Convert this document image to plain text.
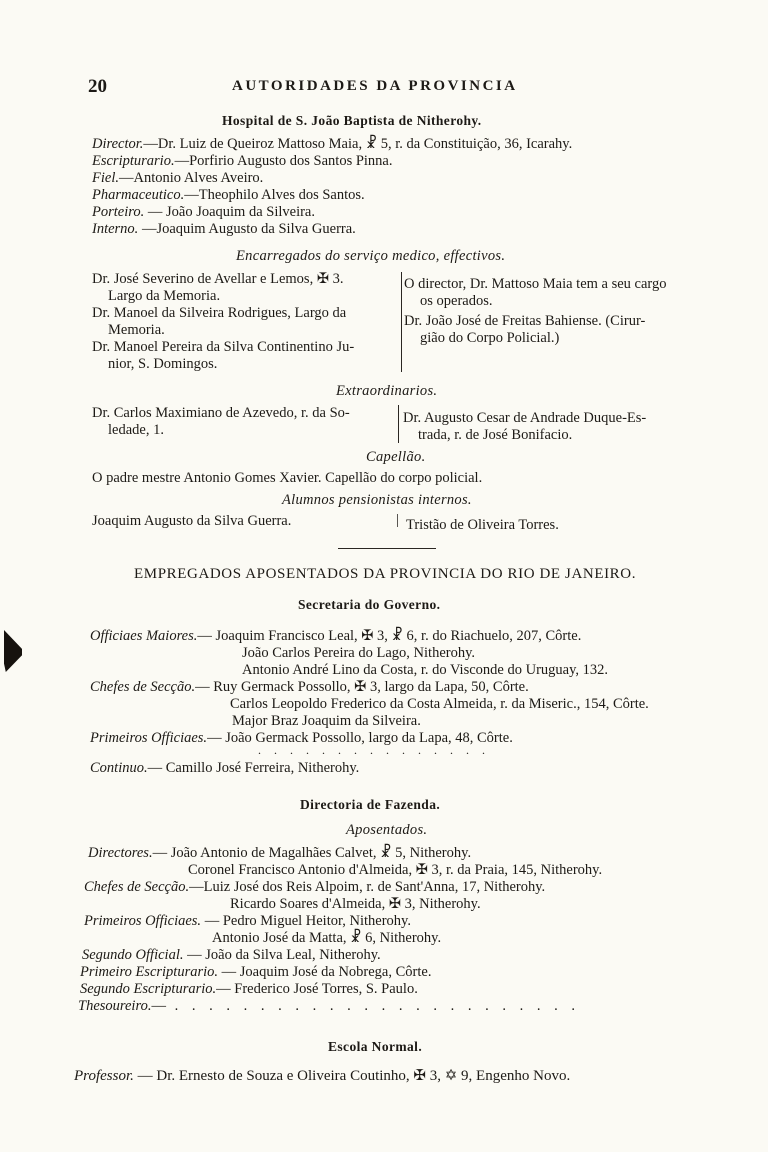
20	AUTORIDADES DA PROVINCIA
Hospital de S. João Baptista de Nitherohy.
Director.—Dr. Luiz de Queiroz Mattoso Maia, ☧ 5, r. da Constituição, 36, Icarahy.
Escripturario.—Porfirio Augusto dos Santos Pinna.
Fiel.—Antonio Alves Aveiro.
Pharmaceutico.—Theophilo Alves dos Santos.
Porteiro. — João Joaquim da Silveira.
Interno. —Joaquim Augusto da Silva Guerra.
Encarregados do serviço medico, effectivos.
Dr. José Severino de Avellar e Lemos, ✠ 3.
Largo da Memoria.
Dr. Manoel da Silveira Rodrigues, Largo da
Memoria.
Dr. Manoel Pereira da Silva Continentino Ju-
nior, S. Domingos.
O director, Dr. Mattoso Maia tem a seu cargo
os operados.
Dr. João José de Freitas Bahiense. (Cirur-
gião do Corpo Policial.)
Extraordinarios.
Dr. Carlos Maximiano de Azevedo, r. da So-
ledade, 1.
Dr. Augusto Cesar de Andrade Duque-Es-
trada, r. de José Bonifacio.
Capellão.
O padre mestre Antonio Gomes Xavier. Capellão do corpo policial.
Alumnos pensionistas internos.
Joaquim Augusto da Silva Guerra.	| Tristão de Oliveira Torres.
EMPREGADOS APOSENTADOS DA PROVINCIA DO RIO DE JANEIRO.
Secretaria do Governo.
Officiaes Maiores.— Joaquim Francisco Leal, ✠ 3, ☧ 6, r. do Riachuelo, 207, Côrte.
João Carlos Pereira do Lago, Nitherohy.
Antonio André Lino da Costa, r. do Visconde do Uruguay, 132.
Chefes de Secção.— Ruy Germack Possollo, ✠ 3, largo da Lapa, 50, Côrte.
Carlos Leopoldo Frederico da Costa Almeida, r. da Miseric., 154, Côrte.
Major Braz Joaquim da Silveira.
Primeiros Officiaes.— João Germack Possollo, largo da Lapa, 48, Côrte.
. . . . . . . . . . . . . . .
Continuo.— Camillo José Ferreira, Nitherohy.
Directoria de Fazenda.
Aposentados.
Directores.— João Antonio de Magalhães Calvet, ☧ 5, Nitherohy.
Coronel Francisco Antonio d'Almeida, ✠ 3, r. da Praia, 145, Nitherohy.
Chefes de Secção.—Luiz José dos Reis Alpoim, r. de Sant'Anna, 17, Nitherohy.
Ricardo Soares d'Almeida, ✠ 3, Nitherohy.
Primeiros Officiaes. — Pedro Miguel Heitor, Nitherohy.
Antonio José da Matta, ☧ 6, Nitherohy.
Segundo Official. — João da Silva Leal, Nitherohy.
Primeiro Escripturario. — Joaquim José da Nobrega, Côrte.
Segundo Escripturario.— Frederico José Torres, S. Paulo.
Thesoureiro.— . . . . . . . . . . . . . . . . . . . . . . . .
Escola Normal.
Professor. — Dr. Ernesto de Souza e Oliveira Coutinho, ✠ 3, ✡ 9, Engenho Novo.
